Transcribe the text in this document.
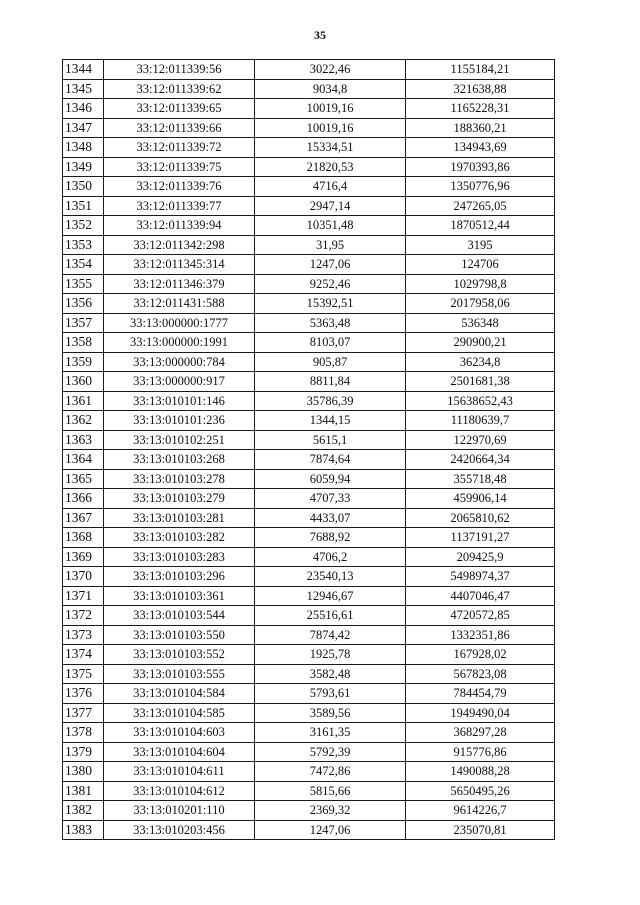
35
1344	33:12:011339:56	3022,46	1155184,21
1345	33:12:011339:62	9034,8	321638,88
1346	33:12:011339:65	10019,16	1165228,31
1347	33:12:011339:66	10019,16	188360,21
1348	33:12:011339:72	15334,51	134943,69
1349	33:12:011339:75	21820,53	1970393,86
1350	33:12:011339:76	4716,4	1350776,96
1351	33:12:011339:77	2947,14	247265,05
1352	33:12:011339:94	10351,48	1870512,44
1353	33:12:011342:298	31,95	3195
1354	33:12:011345:314	1247,06	124706
1355	33:12:011346:379	9252,46	1029798,8
1356	33:12:011431:588	15392,51	2017958,06
1357	33:13:000000:1777	5363,48	536348
1358	33:13:000000:1991	8103,07	290900,21
1359	33:13:000000:784	905,87	36234,8
1360	33:13:000000:917	8811,84	2501681,38
1361	33:13:010101:146	35786,39	15638652,43
1362	33:13:010101:236	1344,15	11180639,7
1363	33:13:010102:251	5615,1	122970,69
1364	33:13:010103:268	7874,64	2420664,34
1365	33:13:010103:278	6059,94	355718,48
1366	33:13:010103:279	4707,33	459906,14
1367	33:13:010103:281	4433,07	2065810,62
1368	33:13:010103:282	7688,92	1137191,27
1369	33:13:010103:283	4706,2	209425,9
1370	33:13:010103:296	23540,13	5498974,37
1371	33:13:010103:361	12946,67	4407046,47
1372	33:13:010103:544	25516,61	4720572,85
1373	33:13:010103:550	7874,42	1332351,86
1374	33:13:010103:552	1925,78	167928,02
1375	33:13:010103:555	3582,48	567823,08
1376	33:13:010104:584	5793,61	784454,79
1377	33:13:010104:585	3589,56	1949490,04
1378	33:13:010104:603	3161,35	368297,28
1379	33:13:010104:604	5792,39	915776,86
1380	33:13:010104:611	7472,86	1490088,28
1381	33:13:010104:612	5815,66	5650495,26
1382	33:13:010201:110	2369,32	9614226,7
1383	33:13:010203:456	1247,06	235070,81
